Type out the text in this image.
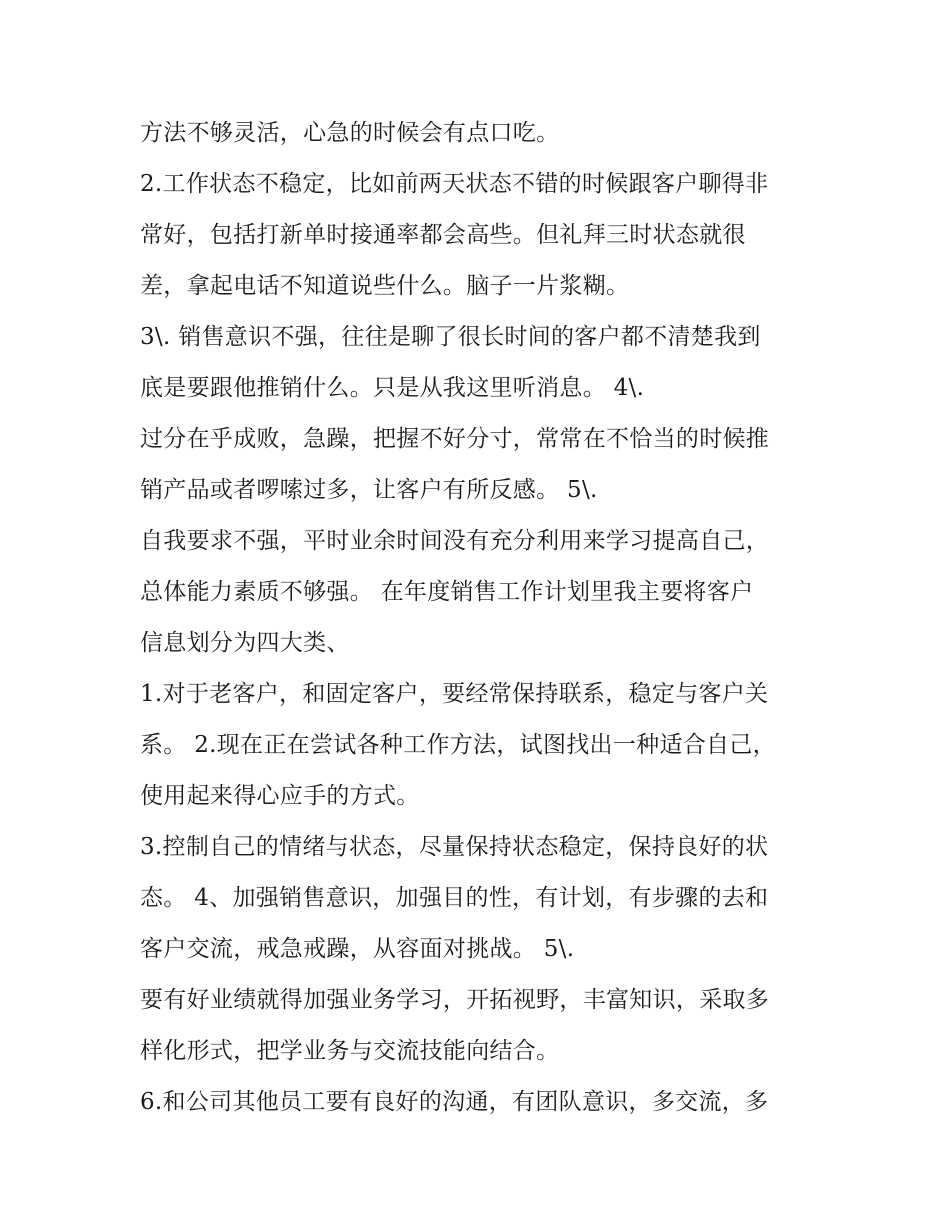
方法不够灵活，心急的时候会有点口吃。

2.工作状态不稳定，比如前两天状态不错的时候跟客户聊得非

常好，包括打新单时接通率都会高些。但礼拜三时状态就很

差，拿起电话不知道说些什么。脑子一片浆糊。

3\. 销售意识不强，往往是聊了很长时间的客户都不清楚我到

底是要跟他推销什么。只是从我这里听消息。 4\.

过分在乎成败，急躁，把握不好分寸，常常在不恰当的时候推

销产品或者啰嗦过多，让客户有所反感。 5\.

自我要求不强，平时业余时间没有充分利用来学习提高自己，

总体能力素质不够强。 在年度销售工作计划里我主要将客户

信息划分为四大类、

1.对于老客户，和固定客户，要经常保持联系，稳定与客户关

系。 2.现在正在尝试各种工作方法，试图找出一种适合自己，

使用起来得心应手的方式。

3.控制自己的情绪与状态，尽量保持状态稳定，保持良好的状

态。 4、加强销售意识，加强目的性，有计划，有步骤的去和

客户交流，戒急戒躁，从容面对挑战。 5\.

要有好业绩就得加强业务学习，开拓视野，丰富知识，采取多

样化形式，把学业务与交流技能向结合。

6.和公司其他员工要有良好的沟通，有团队意识，多交流，多
